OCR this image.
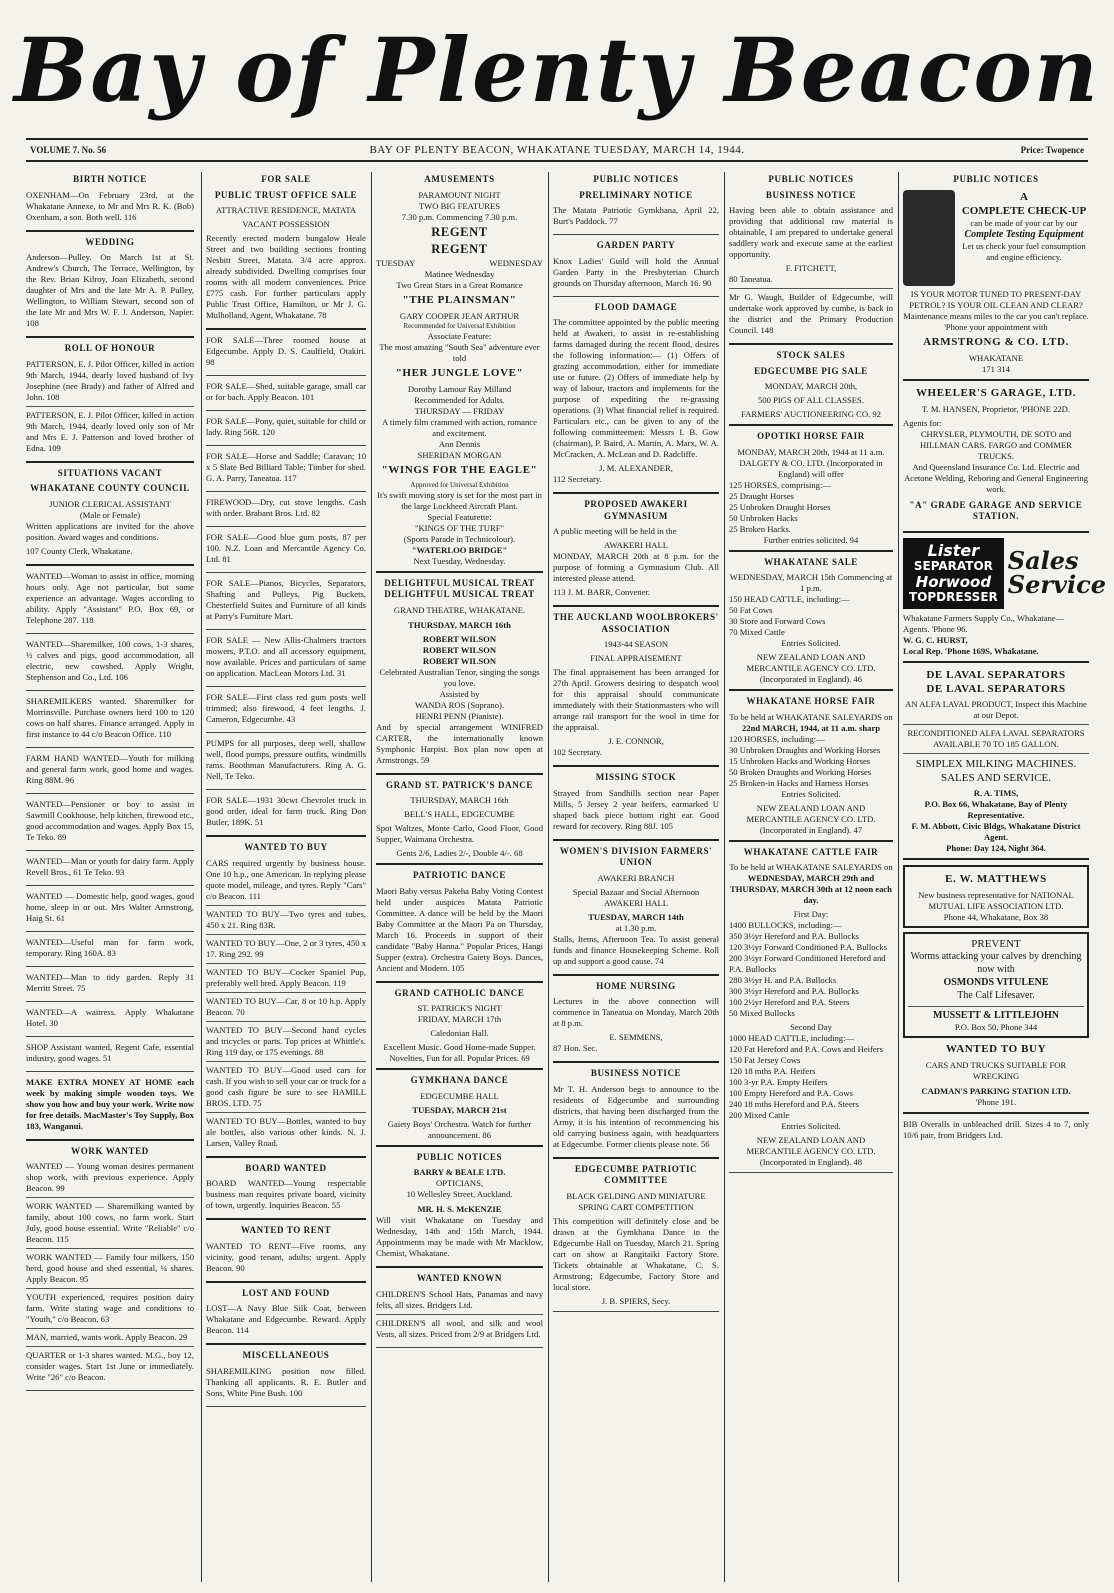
Bay of Plenty Beacon
VOLUME 7. No. 56	BAY OF PLENTY BEACON, WHAKATANE TUESDAY, MARCH 14, 1944.	Price: Twopence
BIRTH NOTICE
OXENHAM—On February 23rd, at the Whakatane Annexe, to Mr and Mrs R. K. (Bob) Oxenham, a son. Both well. 116
WEDDING
Anderson—Pulley. On March 1st at St. Andrew's Church, The Terrace, Wellington, by the Rev. Brian Kilroy, Joan Elizabeth, second daughter of Mrs and the late Mr A. P. Pulley, Wellington, to William Stewart, second son of the late Mr and Mrs W. F. J. Anderson, Napier. 108
ROLL OF HONOUR
PATTERSON, E. J. Pilot Officer, killed in action 9th March, 1944, dearly loved husband of Ivy Josephine (nee Brady) and father of Alfred and John. 108
PATTERSON, E. J. Pilot Officer, killed in action 9th March, 1944, dearly loved only son of Mr and Mrs E. J. Patterson and loved brother of Edna. 109
SITUATIONS VACANT
WHAKATANE COUNTY COUNCIL
JUNIOR CLERICAL ASSISTANT
(Male or Female)
Written applications are invited for the above position. Award wages and conditions.
107 County Clerk, Whakatane.
WANTED—Woman to assist in office, morning hours only. Age not particular, but some experience an advantage. Wages according to ability. Apply "Assistant" P.O. Box 69, or Telephone 287. 118
WANTED—Sharemilker, 100 cows, 1-3 shares, ½ calves and pigs, good accommodation, all electric, new cowshed. Apply Wright, Stephenson and Co., Ltd. 106
SHAREMILKERS wanted. Sharemilker for Morrinsville. Purchase owners herd 100 to 120 cows on half shares. Finance arranged. Apply in first instance to 44 c/o Beacon Office. 110
FARM HAND WANTED—Youth for milking and general farm work, good home and wages. Ring 88M. 96
WANTED—Pensioner or boy to assist in Sawmill Cookhouse, help kitchen, firewood etc., good accommodation and wages. Apply Box 15, Te Teko. 89
WANTED—Man or youth for dairy farm. Apply Revell Bros., 61 Te Teko. 93
WANTED — Domestic help, good wages, good home, sleep in or out. Mrs Walter Armstrong, Haig St. 61
WANTED—Useful man for farm work, temporary. Ring 160A. 83
WANTED—Man to tidy garden. Reply 31 Merritt Street. 75
WANTED—A waitress. Apply Whakatane Hotel. 30
SHOP Assistant wanted, Regent Cafe, essential industry, good wages. 51
MAKE EXTRA MONEY AT HOME each week by making simple wooden toys. We show you how and buy your work. Write now for free details. MacMaster's Toy Supply, Box 183, Wanganui.
WORK WANTED
WANTED — Young woman desires permanent shop work, with previous experience. Apply Beacon. 99
WORK WANTED — Sharemilking wanted by family, about 100 cows, no farm work. Start July, good house essential. Write "Reliable" c/o Beacon. 115
WORK WANTED — Family four milkers, 150 herd, good house and shed essential, ¼ shares. Apply Beacon. 95
YOUTH experienced, requires position dairy farm. Write stating wage and conditions to "Youth," c/o Beacon. 63
MAN, married, wants work. Apply Beacon. 29
QUARTER or 1-3 shares wanted. M.G., boy 12, consider wages. Start 1st June or immediately. Write "26" c/o Beacon.
FOR SALE
PUBLIC TRUST OFFICE SALE
ATTRACTIVE RESIDENCE, MATATA
VACANT POSSESSION
Recently erected modern bungalow Heale Street and two building sections fronting Nesbitt Street, Matata. 3/4 acre approx. already subdivided. Dwelling comprises four rooms with all modern conveniences. Price £775 cash. For further particulars apply Public Trust Office, Hamilton, or Mr J. G. Mulholland, Agent, Whakatane. 78
FOR SALE—Three roomed house at Edgecumbe. Apply D. S. Caulfield, Otakiri. 98
FOR SALE—Shed, suitable garage, small car or for bach. Apply Beacon. 101
FOR SALE—Pony, quiet, suitable for child or lady. Ring 56R. 120
FOR SALE—Horse and Saddle; Caravan; 10 x 5 Slate Bed Billiard Table; Timber for shed. G. A. Parry, Taneatua. 117
FIREWOOD—Dry, cut stove lengths. Cash with order. Brabant Bros. Ltd. 82
FOR SALE—Good blue gum posts, 87 per 100. N.Z. Loan and Mercantile Agency Co. Ltd. 81
FOR SALE—Pianos, Bicycles, Separators, Shafting and Pulleys, Pig Buckets, Chesterfield Suites and Furniture of all kinds at Parry's Furniture Mart.
FOR SALE — New Allis-Chalmers tractors mowers, P.T.O. and all accessory equipment, now available. Prices and particulars of same on application. MacLean Motors Ltd. 31
FOR SALE—First class red gum posts well trimmed; also firewood, 4 feet lengths. J. Cameron, Edgecumbe. 43
PUMPS for all purposes, deep well, shallow well, flood pumps, pressure outfits, windmills rams. Boothman Manufacturers. Ring A. G. Nell, Te Teko.
FOR SALE—1931 30cwt Chevrolet truck in good order, ideal for farm truck. Ring Don Butler, 189K. 51
WANTED TO BUY
CARS required urgently by business house. One 10 h.p., one American. In replying please quote model, mileage, and tyres. Reply "Cars" c/o Beacon. 111
WANTED TO BUY—Two tyres and tubes, 450 x 21. Ring 83R.
WANTED TO BUY—One, 2 or 3 tyres, 450 x 17. Ring 292. 99
WANTED TO BUY—Cocker Spaniel Pup, preferably well bred. Apply Beacon. 119
WANTED TO BUY—Car, 8 or 10 h.p. Apply Beacon. 70
WANTED TO BUY—Second hand cycles and tricycles or parts. Top prices at Whittle's. Ring 119 day, or 175 evenings. 88
WANTED TO BUY—Good used cars for cash. If you wish to sell your car or truck for a good cash figure be sure to see HAMILL BROS. LTD. 75
WANTED TO BUY—Bottles, wanted to buy ale bottles, also various other kinds. N. J. Larsen, Valley Road.
BOARD WANTED
BOARD WANTED—Young respectable business man requires private board, vicinity of town, urgently. Inquiries Beacon. 55
WANTED TO RENT
WANTED TO RENT—Five rooms, any vicinity, good tenant, adults; urgent. Apply Beacon. 90
LOST AND FOUND
LOST—A Navy Blue Silk Coat, between Whakatane and Edgecumbe. Reward. Apply Beacon. 114
MISCELLANEOUS
SHAREMILKING position now filled. Thanking all applicants. R. E. Butler and Sons, White Pine Bush. 100
AMUSEMENTS
PARAMOUNT NIGHT
TWO BIG FEATURES
7.30 p.m. Commencing 7.30 p.m.
REGENT
REGENT
TUESDAY	WEDNESDAY
Matinee Wednesday
Two Great Stars in a Great Romance
"THE PLAINSMAN"
GARY COOPER JEAN ARTHUR
Recommended for Universal Exhibition
Associate Feature:
The most amazing "South Sea" adventure ever told
"HER JUNGLE LOVE"
Dorothy Lamour Ray Milland
Recommended for Adults.
THURSDAY — FRIDAY
A timely film crammed with action, romance and excitement.
Ann Dennis
SHERIDAN MORGAN
"WINGS FOR THE EAGLE"
Approved for Universal Exhibition
It's swift moving story is set for the most part in the large Lockheed Aircraft Plant.
Special Featurette:
"KINGS OF THE TURF"
(Sports Parade in Technicolour).
"WATERLOO BRIDGE"
Next Tuesday, Wednesday.
DELIGHTFUL MUSICAL TREAT
DELIGHTFUL MUSICAL TREAT
GRAND THEATRE, WHAKATANE.
THURSDAY, MARCH 16th
ROBERT WILSON
ROBERT WILSON
ROBERT WILSON
Celebrated Australian Tenor, singing the songs you love.
Assisted by
WANDA ROS (Soprano).
HENRI PENN (Pianiste).
And by special arrangement WINIFRED CARTER, the internationally known Symphonic Harpist. Box plan now open at Armstrongs. 59
GRAND ST. PATRICK'S DANCE
THURSDAY, MARCH 16th
BELL'S HALL, EDGECUMBE
Spot Waltzes, Monte Carlo, Good Floor, Good Supper, Waimana Orchestra.
Gents 2/6, Ladies 2/-, Double 4/-. 68
PATRIOTIC DANCE
Maori Baby versus Pakeha Baby Voting Contest held under auspices Matata Patriotic Committee. A dance will be held by the Maori Baby Committee at the Maori Pa on Thursday, March 16. Proceeds in support of their candidate "Baby Hanna." Popular Prices, Hangi Supper (extra). Orchestra Gaiety Boys. Dances, Ancient and Modern. 105
GRAND CATHOLIC DANCE
ST. PATRICK'S NIGHT
FRIDAY, MARCH 17th
Caledonian Hall.
Excellent Music. Good Home-made Supper. Novelties, Fun for all. Popular Prices. 69
GYMKHANA DANCE
EDGECUMBE HALL
TUESDAY, MARCH 21st
Gaiety Boys' Orchestra. Watch for further announcement. 86
PUBLIC NOTICES
BARRY & BEALE LTD.
OPTICIANS,
10 Wellesley Street, Auckland.
MR. H. S. McKENZIE
Will visit Whakatane on Tuesday and Wednesday, 14th and 15th March, 1944. Appointments may be made with Mr Macklow, Chemist, Whakatane.
WANTED KNOWN
CHILDREN'S School Hats, Panamas and navy felts, all sizes. Bridgers Ltd.
CHILDREN'S all wool, and silk and wool Vests, all sizes. Priced from 2/9 at Bridgers Ltd.
PUBLIC NOTICES
PRELIMINARY NOTICE
The Matata Patriotic Gymkhana, April 22, Burt's Paddock. 77
GARDEN PARTY
Knox Ladies' Guild will hold the Annual Garden Party in the Presbyterian Church grounds on Thursday afternoon, March 16. 90
FLOOD DAMAGE
The committee appointed by the public meeting held at Awakeri, to assist in re-establishing farms damaged during the recent flood, desires the following information:— (1) Offers of grazing accommodation, either for immediate use or future. (2) Offers of immediate help by way of labour, tractors and implements for the purpose of expediting the re-grassing operations. (3) What financial relief is required. Particulars etc., can be given to any of the following committeemen: Messrs I. B. Gow (chairman), P. Baird, A. Martin, A. Marx, W. A. McCracken, A. McLean and D. Radcliffe.
J. M. ALEXANDER,
112 Secretary.
PROPOSED AWAKERI GYMNASIUM
A public meeting will be held in the
AWAKERI HALL
MONDAY, MARCH 20th at 8 p.m. for the purpose of forming a Gymnasium Club. All interested please attend.
113 J. M. BARR, Convener.
THE AUCKLAND WOOLBROKERS' ASSOCIATION
1943-44 SEASON
FINAL APPRAISEMENT
The final appraisement has been arranged for 27th April. Growers desiring to despatch wool for this appraisal should communicate immediately with their Stationmasters who will arrange rail transport for the wool in time for the appraisal.
J. E. CONNOR,
102 Secretary.
MISSING STOCK
Strayed from Sandhills section near Paper Mills, 5 Jersey 2 year heifers, earmarked U shaped back piece bottom right ear. Good reward for recovery. Ring 88J. 105
WOMEN'S DIVISION FARMERS' UNION
AWAKERI BRANCH
Special Bazaar and Social Afternoon AWAKERI HALL
TUESDAY, MARCH 14th
at 1.30 p.m.
Stalls, Items, Afternoon Tea. To assist general funds and finance Housekeeping Scheme. Roll up and support a good cause. 74
HOME NURSING
Lectures in the above connection will commence in Taneatua on Monday, March 20th at 8 p.m.
E. SEMMENS,
87 Hon. Sec.
BUSINESS NOTICE
Mr T. H. Anderson begs to announce to the residents of Edgecumbe and surrounding districts, that having been discharged from the Army, it is his intention of recommencing his old carrying business again, with headquarters at Edgecumbe. Former clients please note. 56
EDGECUMBE PATRIOTIC COMMITTEE
BLACK GELDING AND MINIATURE SPRING CART COMPETITION
This competition will definitely close and be drawn at the Gymkhana Dance in the Edgecumbe Hall on Tuesday, March 21. Spring cart on show at Rangitaiki Factory Store. Tickets obtainable at Whakatane, C. S. Armstrong; Edgecumbe, Factory Store and local store.
J. B. SPIERS, Secy.
PUBLIC NOTICES
BUSINESS NOTICE
Having been able to obtain assistance and providing that additional raw material is obtainable, I am prepared to undertake general saddlery work and execute same at the earliest opportunity.
F. FITCHETT,
80 Taneatua.
Mr G. Waugh, Builder of Edgecumbe, will undertake work approved by cumbe, is back in the district and the Primary Production Council. 148
STOCK SALES
EDGECUMBE PIG SALE
MONDAY, MARCH 20th,
500 PIGS OF ALL CLASSES.
FARMERS' AUCTIONEERING CO. 92
OPOTIKI HORSE FAIR
MONDAY, MARCH 20th, 1944 at 11 a.m.
DALGETY & CO. LTD. (Incorporated in England) will offer
125 HORSES, comprising:—
25 Draught Horses
25 Unbroken Draught Horses
50 Unbroken Hacks
25 Broken Hacks.
Further entries solicited. 94
WHAKATANE SALE
WEDNESDAY, MARCH 15th Commencing at 1 p.m.
150 HEAD CATTLE, including:—
50 Fat Cows
30 Store and Forward Cows
70 Mixed Cattle
Entries Solicited.
NEW ZEALAND LOAN AND MERCANTILE AGENCY CO. LTD. (Incorporated in England). 46
WHAKATANE HORSE FAIR
To be held at WHAKATANE SALEYARDS on
22nd MARCH, 1944, at 11 a.m. sharp
120 HORSES, including:—
30 Unbroken Draughts and Working Horses
15 Unbroken Hacks and Working Horses
50 Broken Draughts and Working Horses
25 Broken-in Hacks and Harness Horses
Entries Solicited.
NEW ZEALAND LOAN AND MERCANTILE AGENCY CO. LTD. (Incorporated in England). 47
WHAKATANE CATTLE FAIR
To be held at WHAKATANE SALEYARDS on
WEDNESDAY, MARCH 29th and THURSDAY, MARCH 30th at 12 noon each day.
First Day:
1400 BULLOCKS, including:—
350 3½yr Hereford and P.A. Bullocks
120 3½yr Forward Conditioned P.A. Bullocks
200 3½yr Forward Conditioned Hereford and P.A. Bullocks
280 3½yr H. and P.A. Bullocks
300 3½yr Hereford and P.A. Bullocks
100 2½yr Hereford and P.A. Steers
50 Mixed Bullocks
Second Day
1000 HEAD CATTLE, including:—
120 Fat Hereford and P.A. Cows and Heifers
150 Fat Jersey Cows
120 18 mths P.A. Heifers
100 3-yr P.A. Empty Heifers
100 Empty Hereford and P.A. Cows
240 18 mths Hereford and P.A. Steers
200 Mixed Cattle
Entries Solicited.
NEW ZEALAND LOAN AND MERCANTILE AGENCY CO. LTD. (Incorporated in England). 48
PUBLIC NOTICES
A
COMPLETE CHECK-UP
can be made of your car by our
Complete Testing Equipment
Let us check your fuel consumption and engine efficiency.
IS YOUR MOTOR TUNED TO PRESENT-DAY PETROL? IS YOUR OIL CLEAN AND CLEAR? Maintenance means miles to the car you can't replace. 'Phone your appointment with
ARMSTRONG & CO. LTD.
WHAKATANE
171 314
WHEELER'S GARAGE, LTD.
T. M. HANSEN, Proprietor, 'PHONE 22D.
Agents for:
CHRYSLER, PLYMOUTH, DE SOTO and HILLMAN CARS. FARGO and COMMER TRUCKS.
And Queensland Insurance Co. Ltd. Electric and Acetone Welding, Reboring and General Engineering work.
"A" GRADE GARAGE AND SERVICE STATION.
Lister
SEPARATOR
Horwood
TOPDRESSER
Sales
Service
Whakatane Farmers Supply Co., Whakatane—Agents. 'Phone 96.
W. G. C. HURST,
Local Rep. 'Phone 169S, Whakatane.
DE LAVAL SEPARATORS
DE LAVAL SEPARATORS
AN ALFA LAVAL PRODUCT, Inspect this Machine at our Depot.
RECONDITIONED ALFA LAVAL SEPARATORS AVAILABLE 70 TO 185 GALLON.
SIMPLEX MILKING MACHINES. SALES AND SERVICE.
R. A. TIMS,
P.O. Box 66, Whakatane, Bay of Plenty Representative.
F. M. Abbott, Civic Bldgs, Whakatane District Agent.
Phone: Day 124, Night 364.
E. W. MATTHEWS
New business representative for NATIONAL MUTUAL LIFE ASSOCIATION LTD.
Phone 44, Whakatane, Box 38
PREVENT
Worms attacking your calves by drenching now with
OSMONDS VITULENE
The Calf Lifesaver.
MUSSETT & LITTLEJOHN
P.O. Box 50, Phone 344
WANTED TO BUY
CARS AND TRUCKS SUITABLE FOR WRECKING
CADMAN'S PARKING STATION LTD.
'Phone 191.
BIB Overalls in unbleached drill. Sizes 4 to 7, only 10/6 pair, from Bridgers Ltd.
